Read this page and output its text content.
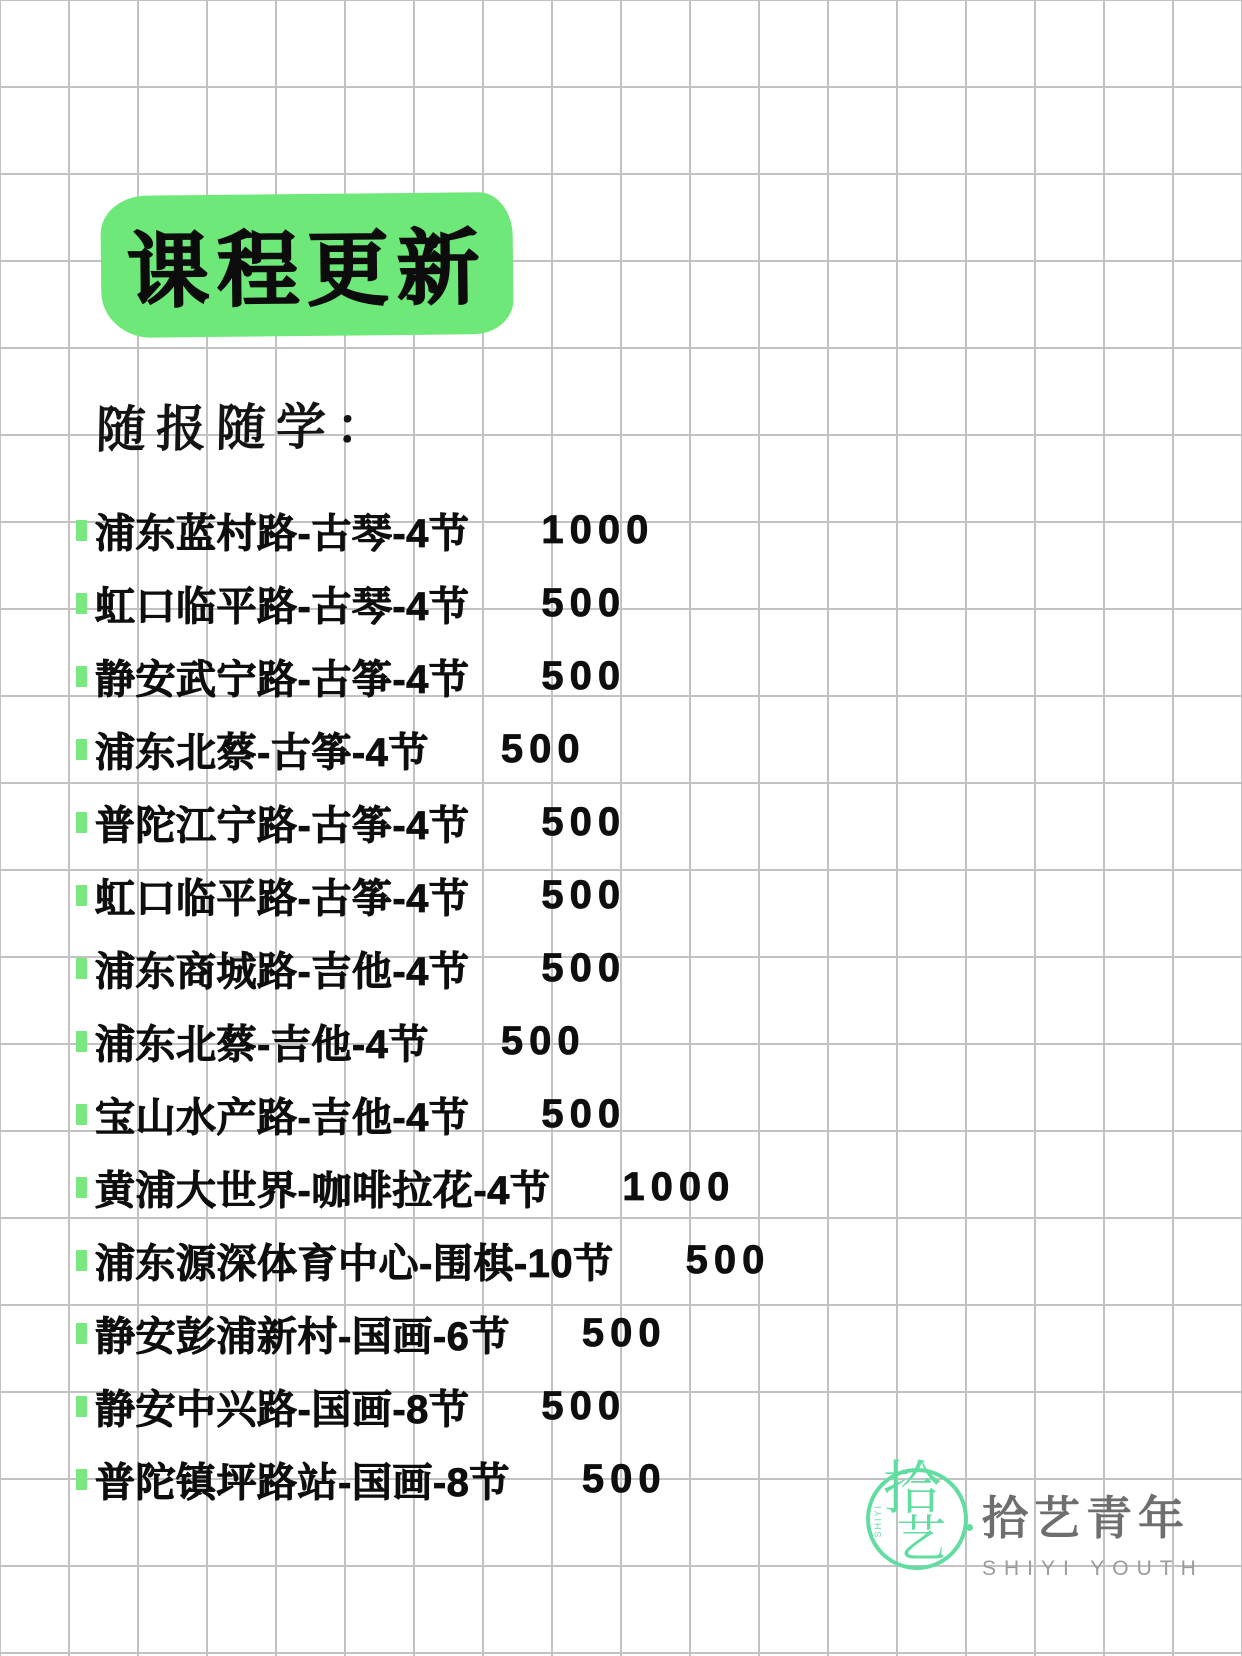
课程更新
随报随学：
浦东蓝村路-古琴-4节 1000
虹口临平路-古琴-4节 500
静安武宁路-古筝-4节 500
浦东北蔡-古筝-4节 500
普陀江宁路-古筝-4节 500
虹口临平路-古筝-4节 500
浦东商城路-吉他-4节 500
浦东北蔡-吉他-4节 500
宝山水产路-吉他-4节 500
黄浦大世界-咖啡拉花-4节 1000
浦东源深体育中心-围棋-10节 500
静安彭浦新村-国画-6节 500
静安中兴路-国画-8节 500
普陀镇坪路站-国画-8节 500	拾
艺
SHIYI 拾艺青年
SHIYI YOUTH
